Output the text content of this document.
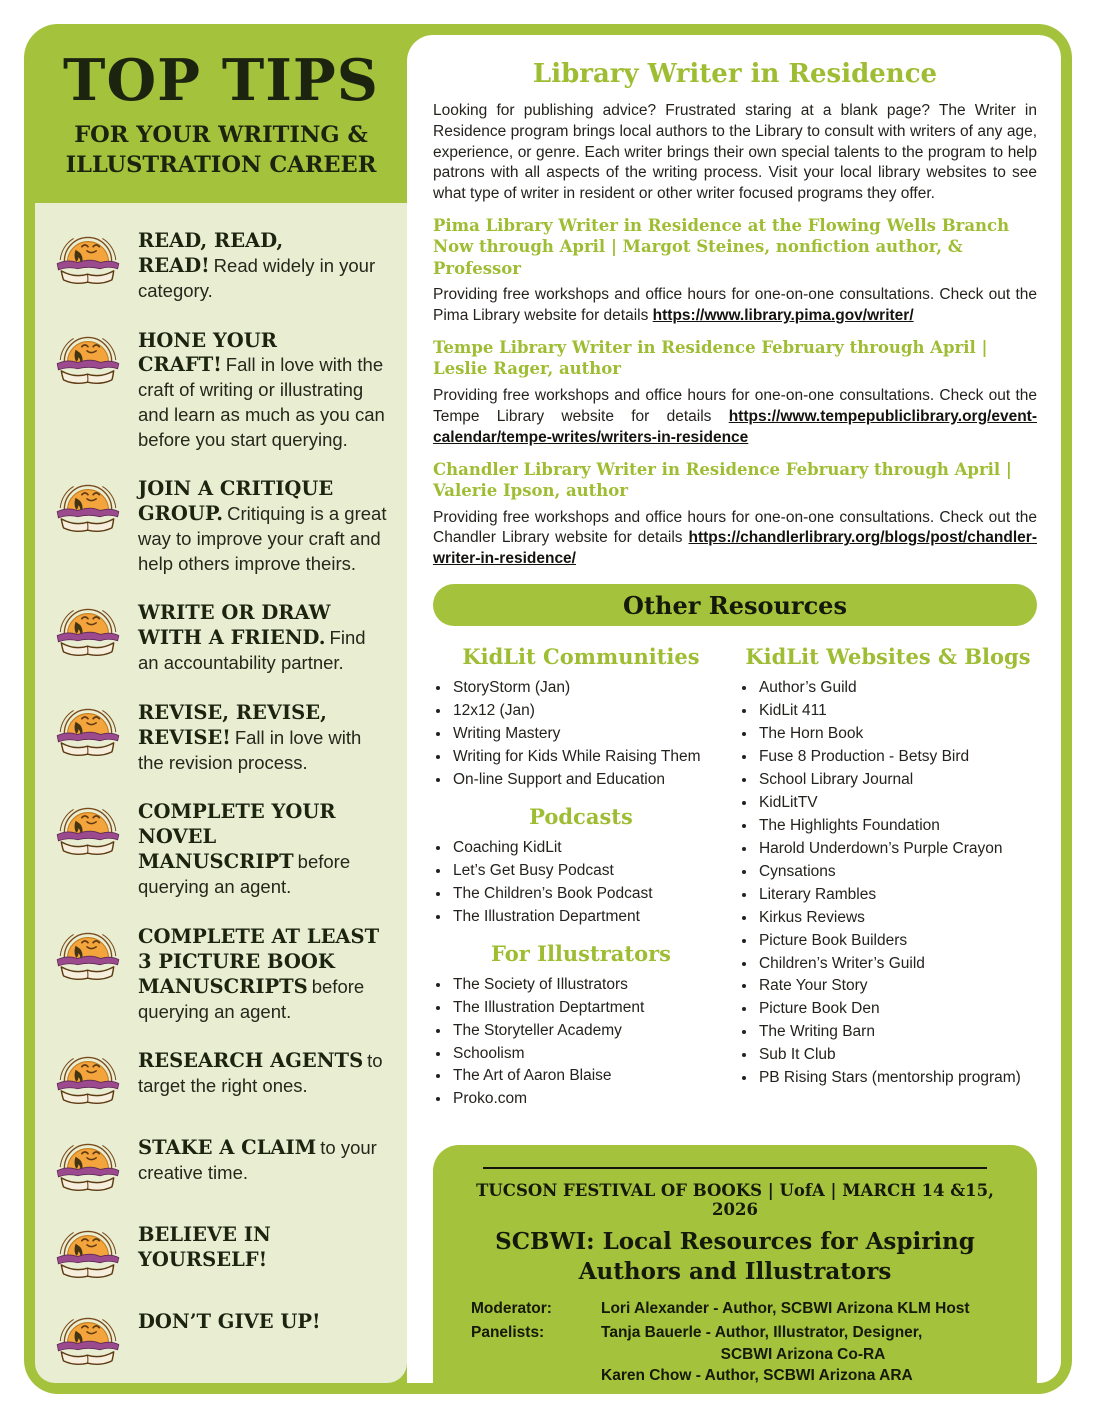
TOP TIPS
FOR YOUR WRITING & ILLUSTRATION CAREER

READ, READ, READ! Read widely in your category.

HONE YOUR CRAFT! Fall in love with the craft of writing or illustrating and learn as much as you can before you start querying.

JOIN A CRITIQUE GROUP. Critiquing is a great way to improve your craft and help others improve theirs.

WRITE OR DRAW WITH A FRIEND. Find an accountability partner.

REVISE, REVISE, REVISE! Fall in love with the revision process.

COMPLETE YOUR NOVEL MANUSCRIPT before querying an agent.

COMPLETE AT LEAST 3 PICTURE BOOK MANUSCRIPTS before querying an agent.

RESEARCH AGENTS to target the right ones.

STAKE A CLAIM to your creative time.

BELIEVE IN YOURSELF!

DON’T GIVE UP!

Library Writer in Residence

Looking for publishing advice? Frustrated staring at a blank page? The Writer in Residence program brings local authors to the Library to consult with writers of any age, experience, or genre. Each writer brings their own special talents to the program to help patrons with all aspects of the writing process. Visit your local library websites to see what type of writer in resident or other writer focused programs they offer.

Pima Library Writer in Residence at the Flowing Wells Branch
Now through April | Margot Steines, nonfiction author, & Professor

Providing free workshops and office hours for one-on-one consultations. Check out the Pima Library website for details https://www.library.pima.gov/writer/

Tempe Library Writer in Residence February through April |
Leslie Rager, author

Providing free workshops and office hours for one-on-one consultations. Check out the Tempe Library website for details https://www.tempepubliclibrary.org/event-calendar/tempe-writes/writers-in-residence

Chandler Library Writer in Residence February through April |
Valerie Ipson, author

Providing free workshops and office hours for one-on-one consultations. Check out the Chandler Library website for details https://chandlerlibrary.org/blogs/post/chandler-writer-in-residence/

Other Resources
KidLit Communities
• StoryStorm (Jan)
• 12x12 (Jan)
• Writing Mastery
• Writing for Kids While Raising Them
• On-line Support and Education
Podcasts
• Coaching KidLit
• Let’s Get Busy Podcast
• The Children’s Book Podcast
• The Illustration Department
For Illustrators
• The Society of Illustrators
• The Illustration Deptartment
• The Storyteller Academy
• Schoolism
• The Art of Aaron Blaise
• Proko.com
KidLit Websites & Blogs
• Author’s Guild
• KidLit 411
• The Horn Book
• Fuse 8 Production - Betsy Bird
• School Library Journal
• KidLitTV
• The Highlights Foundation
• Harold Underdown’s Purple Crayon
• Cynsations
• Literary Rambles
• Kirkus Reviews
• Picture Book Builders
• Children’s Writer’s Guild
• Rate Your Story
• Picture Book Den
• The Writing Barn
• Sub It Club
• PB Rising Stars (mentorship program)
TUCSON FESTIVAL OF BOOKS | UofA | MARCH 14 &15, 2026
SCBWI: Local Resources for Aspiring Authors and Illustrators
Moderator:	Lori Alexander - Author, SCBWI Arizona KLM Host
Panelists:	Tanja Bauerle - Author, Illustrator, Designer,
SCBWI Arizona Co-RA
Karen Chow - Author, SCBWI Arizona ARA
